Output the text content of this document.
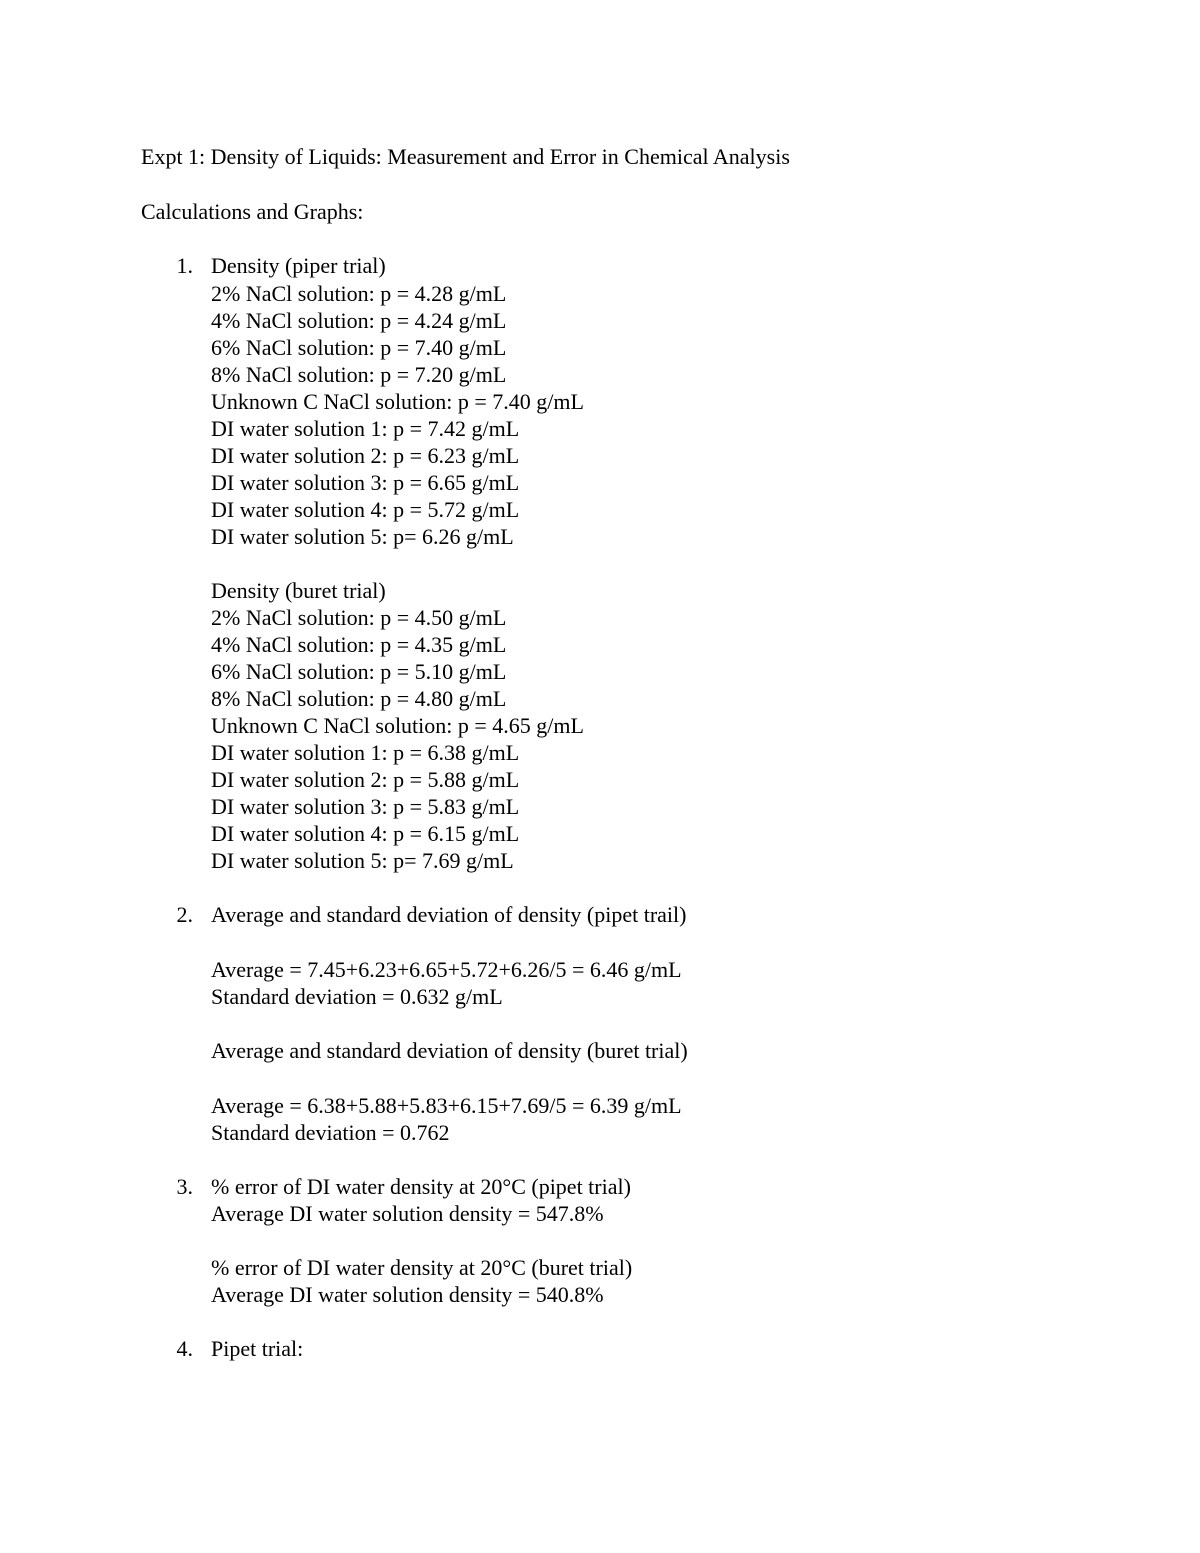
Expt 1: Density of Liquids: Measurement and Error in Chemical Analysis
Calculations and Graphs:
1. Density (piper trial)
2% NaCl solution: p = 4.28 g/mL
4% NaCl solution: p = 4.24 g/mL
6% NaCl solution: p = 7.40 g/mL
8% NaCl solution: p = 7.20 g/mL
Unknown C NaCl solution: p = 7.40 g/mL
DI water solution 1: p = 7.42 g/mL
DI water solution 2: p = 6.23 g/mL
DI water solution 3: p = 6.65 g/mL
DI water solution 4: p = 5.72 g/mL
DI water solution 5: p= 6.26 g/mL
Density (buret trial)
2% NaCl solution: p = 4.50 g/mL
4% NaCl solution: p = 4.35 g/mL
6% NaCl solution: p = 5.10 g/mL
8% NaCl solution: p = 4.80 g/mL
Unknown C NaCl solution: p = 4.65 g/mL
DI water solution 1: p = 6.38 g/mL
DI water solution 2: p = 5.88 g/mL
DI water solution 3: p = 5.83 g/mL
DI water solution 4: p = 6.15 g/mL
DI water solution 5: p= 7.69 g/mL
2. Average and standard deviation of density (pipet trail)
Average = 7.45+6.23+6.65+5.72+6.26/5 = 6.46 g/mL
Standard deviation = 0.632 g/mL
Average and standard deviation of density (buret trial)
Average = 6.38+5.88+5.83+6.15+7.69/5 = 6.39 g/mL
Standard deviation = 0.762
3. % error of DI water density at 20°C (pipet trial)
Average DI water solution density = 547.8%
% error of DI water density at 20°C (buret trial)
Average DI water solution density = 540.8%
4. Pipet trial:
